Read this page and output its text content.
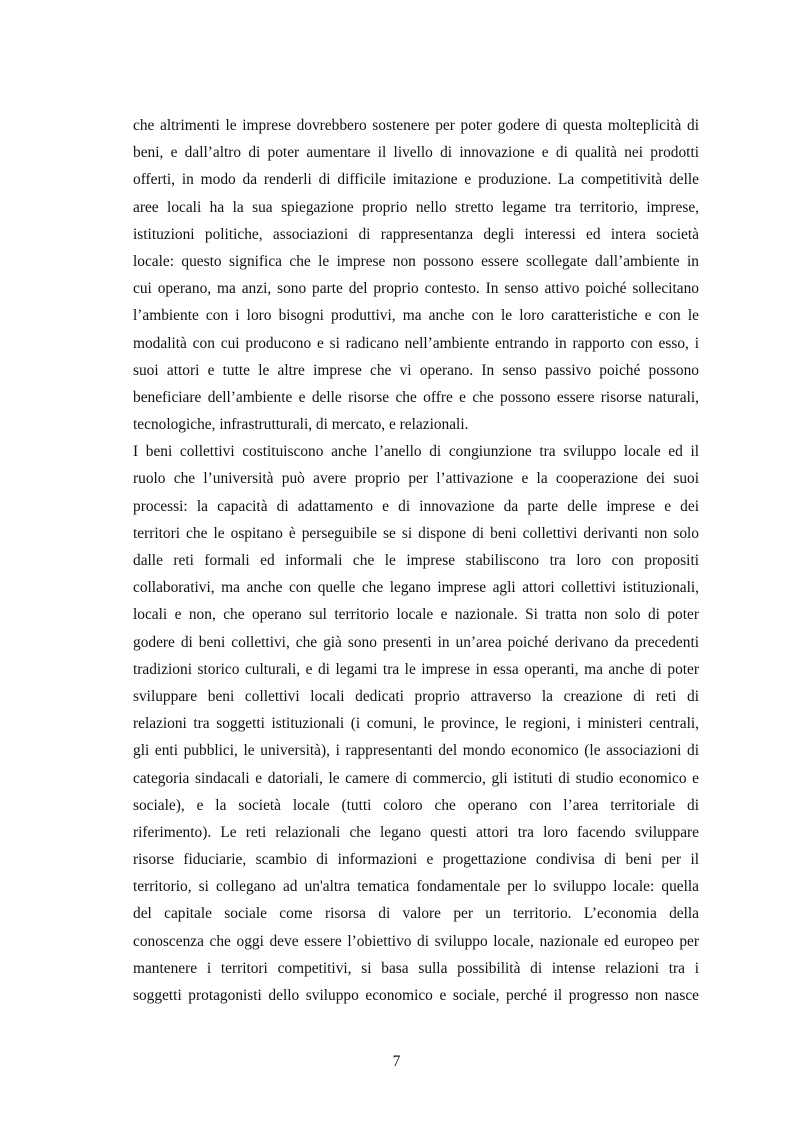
che altrimenti le imprese dovrebbero sostenere per poter godere di questa molteplicità di
beni, e dall’altro di poter aumentare il livello di innovazione e di qualità nei prodotti
offerti, in modo da renderli di difficile imitazione e produzione. La competitività delle
aree locali ha la sua spiegazione proprio nello stretto legame tra territorio, imprese,
istituzioni politiche, associazioni di rappresentanza degli interessi ed intera società
locale: questo significa che le imprese non possono essere scollegate dall’ambiente in
cui operano, ma anzi, sono parte del proprio contesto. In senso attivo poiché sollecitano
l’ambiente con i loro bisogni produttivi, ma anche con le loro caratteristiche e con le
modalità con cui producono e si radicano nell’ambiente entrando in rapporto con esso, i
suoi attori e tutte le altre imprese che vi operano. In senso passivo poiché possono
beneficiare dell’ambiente e delle risorse che offre e che possono essere risorse naturali,
tecnologiche, infrastrutturali, di mercato, e relazionali.
I beni collettivi costituiscono anche l’anello di congiunzione tra sviluppo locale ed il
ruolo che l’università può avere proprio per l’attivazione e la cooperazione dei suoi
processi: la capacità di adattamento e di innovazione da parte delle imprese e dei
territori che le ospitano è perseguibile se si dispone di beni collettivi derivanti non solo
dalle reti formali ed informali che le imprese stabiliscono tra loro con propositi
collaborativi, ma anche con quelle che legano imprese agli attori collettivi istituzionali,
locali e non, che operano sul territorio locale e nazionale. Si tratta non solo di poter
godere di beni collettivi, che già sono presenti in un’area poiché derivano da precedenti
tradizioni storico culturali, e di legami tra le imprese in essa operanti, ma anche di poter
sviluppare beni collettivi locali dedicati proprio attraverso la creazione di reti di
relazioni tra soggetti istituzionali (i comuni, le province, le regioni, i ministeri centrali,
gli enti pubblici, le università), i rappresentanti del mondo economico (le associazioni di
categoria sindacali e datoriali, le camere di commercio, gli istituti di studio economico e
sociale), e la società locale (tutti coloro che operano con l’area territoriale di
riferimento). Le reti relazionali che legano questi attori tra loro facendo sviluppare
risorse fiduciarie, scambio di informazioni e progettazione condivisa di beni per il
territorio, si collegano ad un'altra tematica fondamentale per lo sviluppo locale: quella
del capitale sociale come risorsa di valore per un territorio. L’economia della
conoscenza che oggi deve essere l’obiettivo di sviluppo locale, nazionale ed europeo per
mantenere i territori competitivi, si basa sulla possibilità di intense relazioni tra i
soggetti protagonisti dello sviluppo economico e sociale, perché il progresso non nasce
7
